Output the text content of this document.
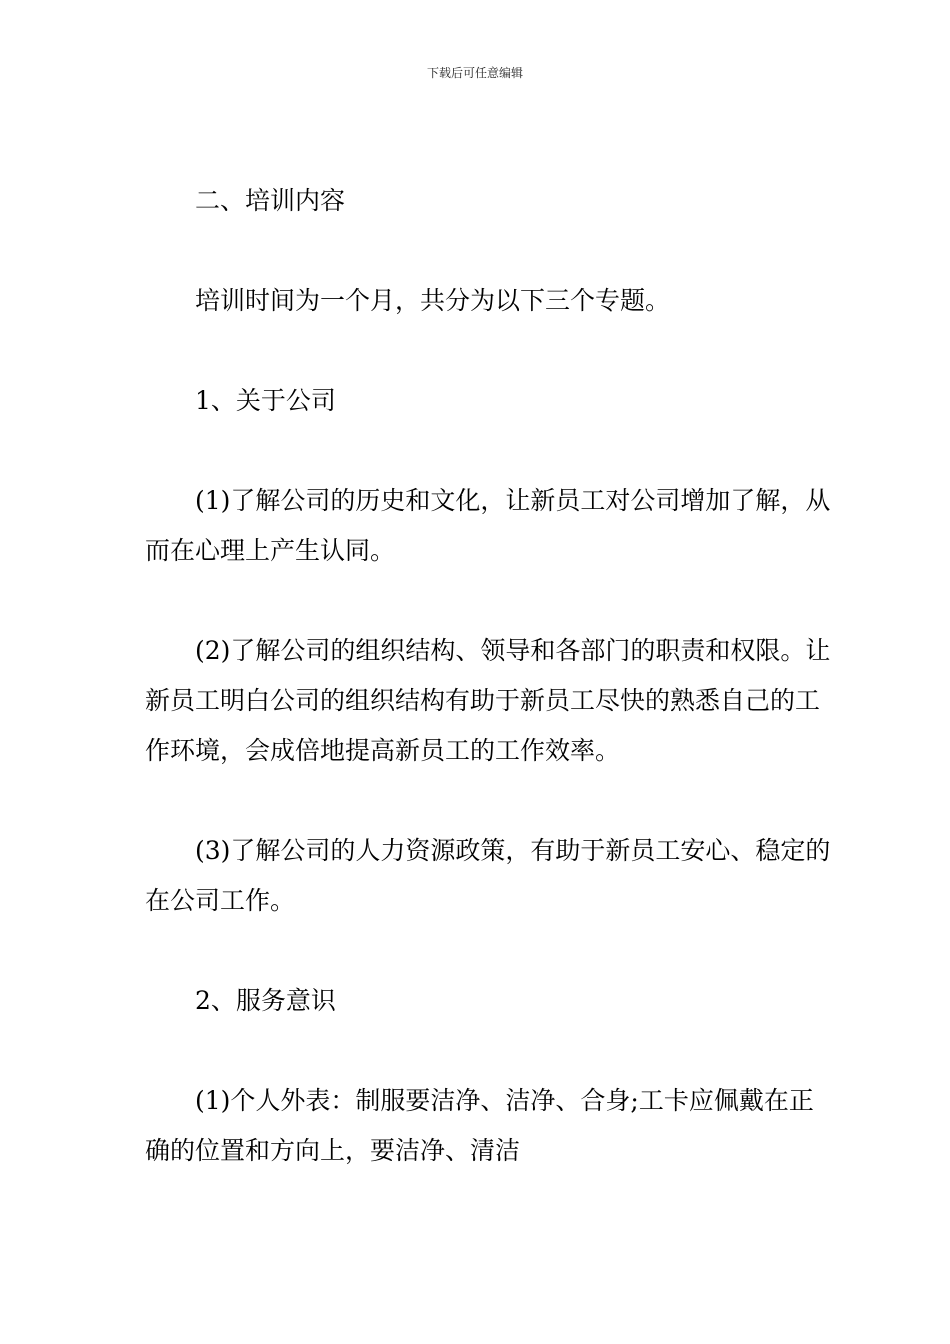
下载后可任意编辑

二、培训内容

培训时间为一个月，共分为以下三个专题。

1、关于公司

(1)了解公司的历史和文化，让新员工对公司增加了解，从而在心理上产生认同。

(2)了解公司的组织结构、领导和各部门的职责和权限。让新员工明白公司的组织结构有助于新员工尽快的熟悉自己的工作环境，会成倍地提高新员工的工作效率。

(3)了解公司的人力资源政策，有助于新员工安心、稳定的在公司工作。

2、服务意识

(1)个人外表：制服要洁净、洁净、合身;工卡应佩戴在正确的位置和方向上，要洁净、清洁
